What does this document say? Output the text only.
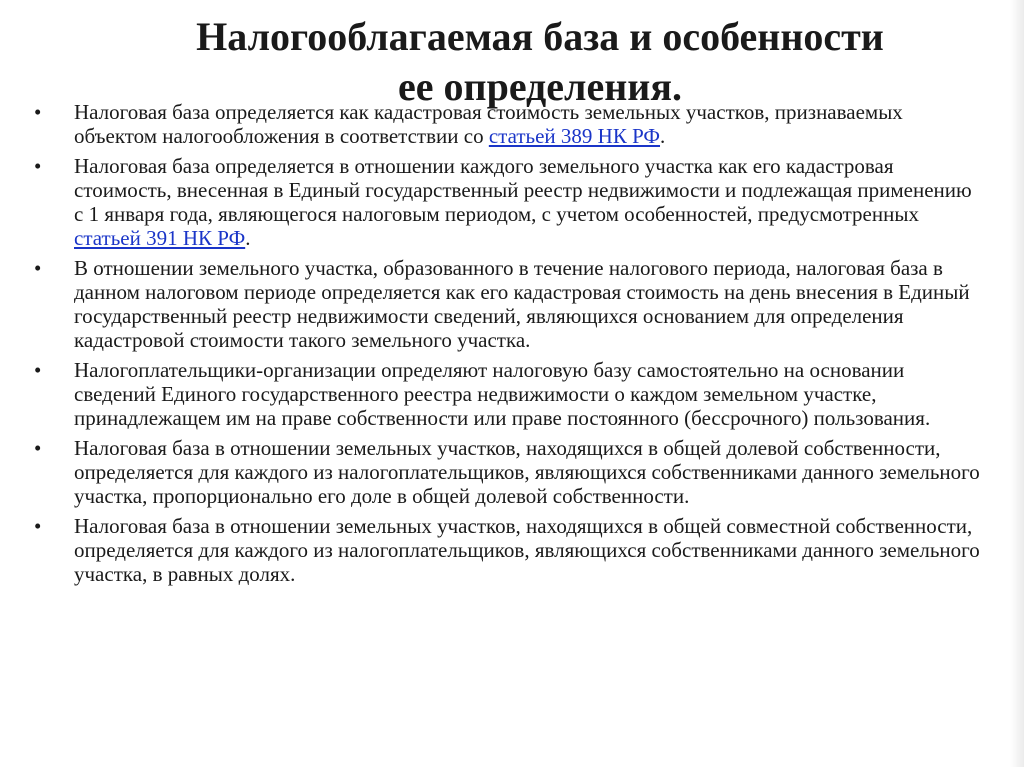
Налогооблагаемая база и особенности
ее определения.
•	Налоговая база определяется как кадастровая стоимость земельных участков, признаваемых объектом налогообложения в соответствии со статьей 389 НК РФ.
•	Налоговая база определяется в отношении каждого земельного участка как его кадастровая стоимость, внесенная в Единый государственный реестр недвижимости и подлежащая применению с 1 января года, являющегося налоговым периодом, с учетом особенностей, предусмотренных статьей 391 НК РФ.
•	В отношении земельного участка, образованного в течение налогового периода, налоговая база в данном налоговом периоде определяется как его кадастровая стоимость на день внесения в Единый государственный реестр недвижимости сведений, являющихся основанием для определения кадастровой стоимости такого земельного участка.
•	Налогоплательщики-организации определяют налоговую базу самостоятельно на основании сведений Единого государственного реестра недвижимости о каждом земельном участке, принадлежащем им на праве собственности или праве постоянного (бессрочного) пользования.
•	Налоговая база в отношении земельных участков, находящихся в общей долевой собственности, определяется для каждого из налогоплательщиков, являющихся собственниками данного земельного участка, пропорционально его доле в общей долевой собственности.
•	Налоговая база в отношении земельных участков, находящихся в общей совместной собственности, определяется для каждого из налогоплательщиков, являющихся собственниками данного земельного участка, в равных долях.
